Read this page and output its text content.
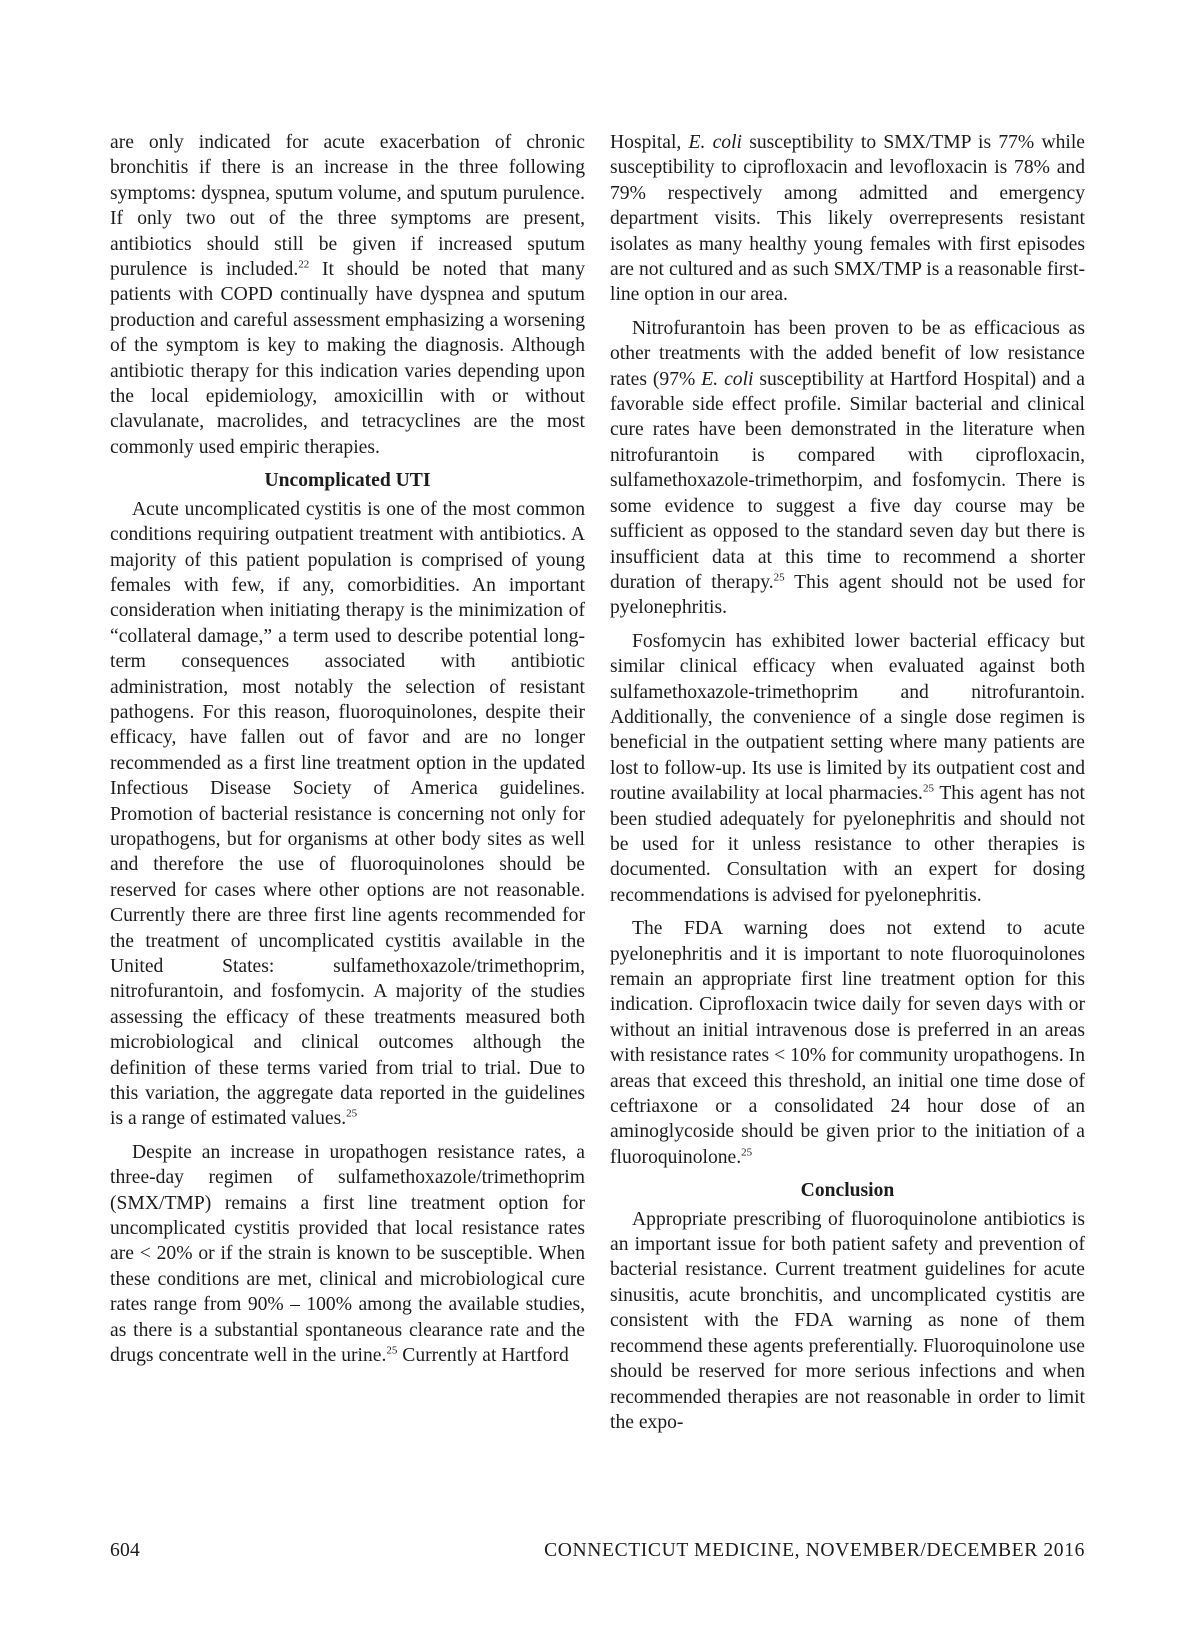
are only indicated for acute exacerbation of chronic bronchitis if there is an increase in the three following symptoms: dyspnea, sputum volume, and sputum purulence. If only two out of the three symptoms are present, antibiotics should still be given if increased sputum purulence is included.$^{22}$ It should be noted that many patients with COPD continually have dyspnea and sputum production and careful assessment emphasizing a worsening of the symptom is key to making the diagnosis. Although antibiotic therapy for this indication varies depending upon the local epidemiology, amoxicillin with or without clavulanate, macrolides, and tetracyclines are the most commonly used empiric therapies.

Uncomplicated UTI

Acute uncomplicated cystitis is one of the most common conditions requiring outpatient treatment with antibiotics. A majority of this patient population is comprised of young females with few, if any, comorbidities. An important consideration when initiating therapy is the minimization of “collateral damage,” a term used to describe potential long-term consequences associated with antibiotic administration, most notably the selection of resistant pathogens. For this reason, fluoroquinolones, despite their efficacy, have fallen out of favor and are no longer recommended as a first line treatment option in the updated Infectious Disease Society of America guidelines. Promotion of bacterial resistance is concerning not only for uropathogens, but for organisms at other body sites as well and therefore the use of fluoroquinolones should be reserved for cases where other options are not reasonable. Currently there are three first line agents recommended for the treatment of uncomplicated cystitis available in the United States: sulfamethoxazole/trimethoprim, nitrofurantoin, and fosfomycin. A majority of the studies assessing the efficacy of these treatments measured both microbiological and clinical outcomes although the definition of these terms varied from trial to trial. Due to this variation, the aggregate data reported in the guidelines is a range of estimated values.$^{25}$

Despite an increase in uropathogen resistance rates, a three-day regimen of sulfamethoxazole/trimethoprim (SMX/TMP) remains a first line treatment option for uncomplicated cystitis provided that local resistance rates are < 20% or if the strain is known to be susceptible. When these conditions are met, clinical and microbiological cure rates range from 90% – 100% among the available studies, as there is a substantial spontaneous clearance rate and the drugs concentrate well in the urine.$^{25}$ Currently at Hartford

Hospital, E. coli susceptibility to SMX/TMP is 77% while susceptibility to ciprofloxacin and levofloxacin is 78% and 79% respectively among admitted and emergency department visits. This likely overrepresents resistant isolates as many healthy young females with first episodes are not cultured and as such SMX/TMP is a reasonable first-line option in our area.

Nitrofurantoin has been proven to be as efficacious as other treatments with the added benefit of low resistance rates (97% E. coli susceptibility at Hartford Hospital) and a favorable side effect profile. Similar bacterial and clinical cure rates have been demonstrated in the literature when nitrofurantoin is compared with ciprofloxacin, sulfamethoxazole-trimethorpim, and fosfomycin. There is some evidence to suggest a five day course may be sufficient as opposed to the standard seven day but there is insufficient data at this time to recommend a shorter duration of therapy.$^{25}$ This agent should not be used for pyelonephritis.

Fosfomycin has exhibited lower bacterial efficacy but similar clinical efficacy when evaluated against both sulfamethoxazole-trimethoprim and nitrofurantoin. Additionally, the convenience of a single dose regimen is beneficial in the outpatient setting where many patients are lost to follow-up. Its use is limited by its outpatient cost and routine availability at local pharmacies.$^{25}$ This agent has not been studied adequately for pyelonephritis and should not be used for it unless resistance to other therapies is documented. Consultation with an expert for dosing recommendations is advised for pyelonephritis.

The FDA warning does not extend to acute pyelonephritis and it is important to note fluoroquinolones remain an appropriate first line treatment option for this indication. Ciprofloxacin twice daily for seven days with or without an initial intravenous dose is preferred in an areas with resistance rates < 10% for community uropathogens. In areas that exceed this threshold, an initial one time dose of ceftriaxone or a consolidated 24 hour dose of an aminoglycoside should be given prior to the initiation of a fluoroquinolone.$^{25}$

Conclusion

Appropriate prescribing of fluoroquinolone antibiotics is an important issue for both patient safety and prevention of bacterial resistance. Current treatment guidelines for acute sinusitis, acute bronchitis, and uncomplicated cystitis are consistent with the FDA warning as none of them recommend these agents preferentially. Fluoroquinolone use should be reserved for more serious infections and when recommended therapies are not reasonable in order to limit the expo-

604	CONNECTICUT MEDICINE, NOVEMBER/DECEMBER 2016
